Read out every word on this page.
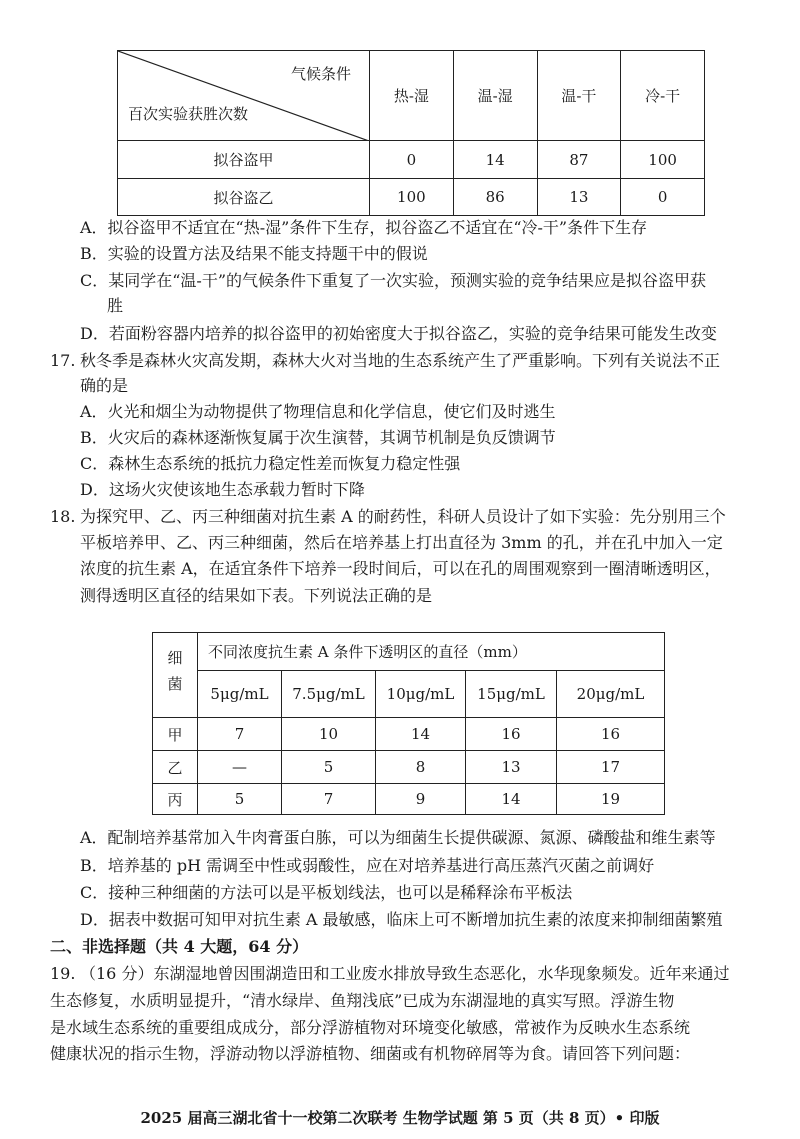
气候条件
百次实验获胜次数	热-湿	温-湿	温-干	冷-干
拟谷盗甲	0	14	87	100
拟谷盗乙	100	86	13	0
A．拟谷盗甲不适宜在“热-湿”条件下生存，拟谷盗乙不适宜在“冷-干”条件下生存
B．实验的设置方法及结果不能支持题干中的假说
C．某同学在“温-干”的气候条件下重复了一次实验，预测实验的竞争结果应是拟谷盗甲获
胜
D．若面粉容器内培养的拟谷盗甲的初始密度大于拟谷盗乙，实验的竞争结果可能发生改变
17. 秋冬季是森林火灾高发期，森林大火对当地的生态系统产生了严重影响。下列有关说法不正
确的是
A．火光和烟尘为动物提供了物理信息和化学信息，使它们及时逃生
B．火灾后的森林逐渐恢复属于次生演替，其调节机制是负反馈调节
C．森林生态系统的抵抗力稳定性差而恢复力稳定性强
D．这场火灾使该地生态承载力暂时下降
18. 为探究甲、乙、丙三种细菌对抗生素 A 的耐药性，科研人员设计了如下实验：先分别用三个
平板培养甲、乙、丙三种细菌，然后在培养基上打出直径为 3mm 的孔，并在孔中加入一定
浓度的抗生素 A，在适宜条件下培养一段时间后，可以在孔的周围观察到一圈清晰透明区，
测得透明区直径的结果如下表。下列说法正确的是
细菌	不同浓度抗生素 A 条件下透明区的直径（mm）				
	5μg/mL	7.5μg/mL	10μg/mL	15μg/mL	20μg/mL
甲	7	10	14	16	16
乙	—	5	8	13	17
丙	5	7	9	14	19
A．配制培养基常加入牛肉膏蛋白胨，可以为细菌生长提供碳源、氮源、磷酸盐和维生素等
B．培养基的 pH 需调至中性或弱酸性，应在对培养基进行高压蒸汽灭菌之前调好
C．接种三种细菌的方法可以是平板划线法，也可以是稀释涂布平板法
D．据表中数据可知甲对抗生素 A 最敏感，临床上可不断增加抗生素的浓度来抑制细菌繁殖
二、非选择题（共 4 大题，64 分）
19. （16 分）东湖湿地曾因围湖造田和工业废水排放导致生态恶化，水华现象频发。近年来通过
生态修复，水质明显提升，“清水绿岸、鱼翔浅底”已成为东湖湿地的真实写照。浮游生物
是水域生态系统的重要组成成分，部分浮游植物对环境变化敏感，常被作为反映水生态系统
健康状况的指示生物，浮游动物以浮游植物、细菌或有机物碎屑等为食。请回答下列问题：
2025 届高三湖北省十一校第二次联考 生物学试题 第 5 页（共 8 页）• 印版
